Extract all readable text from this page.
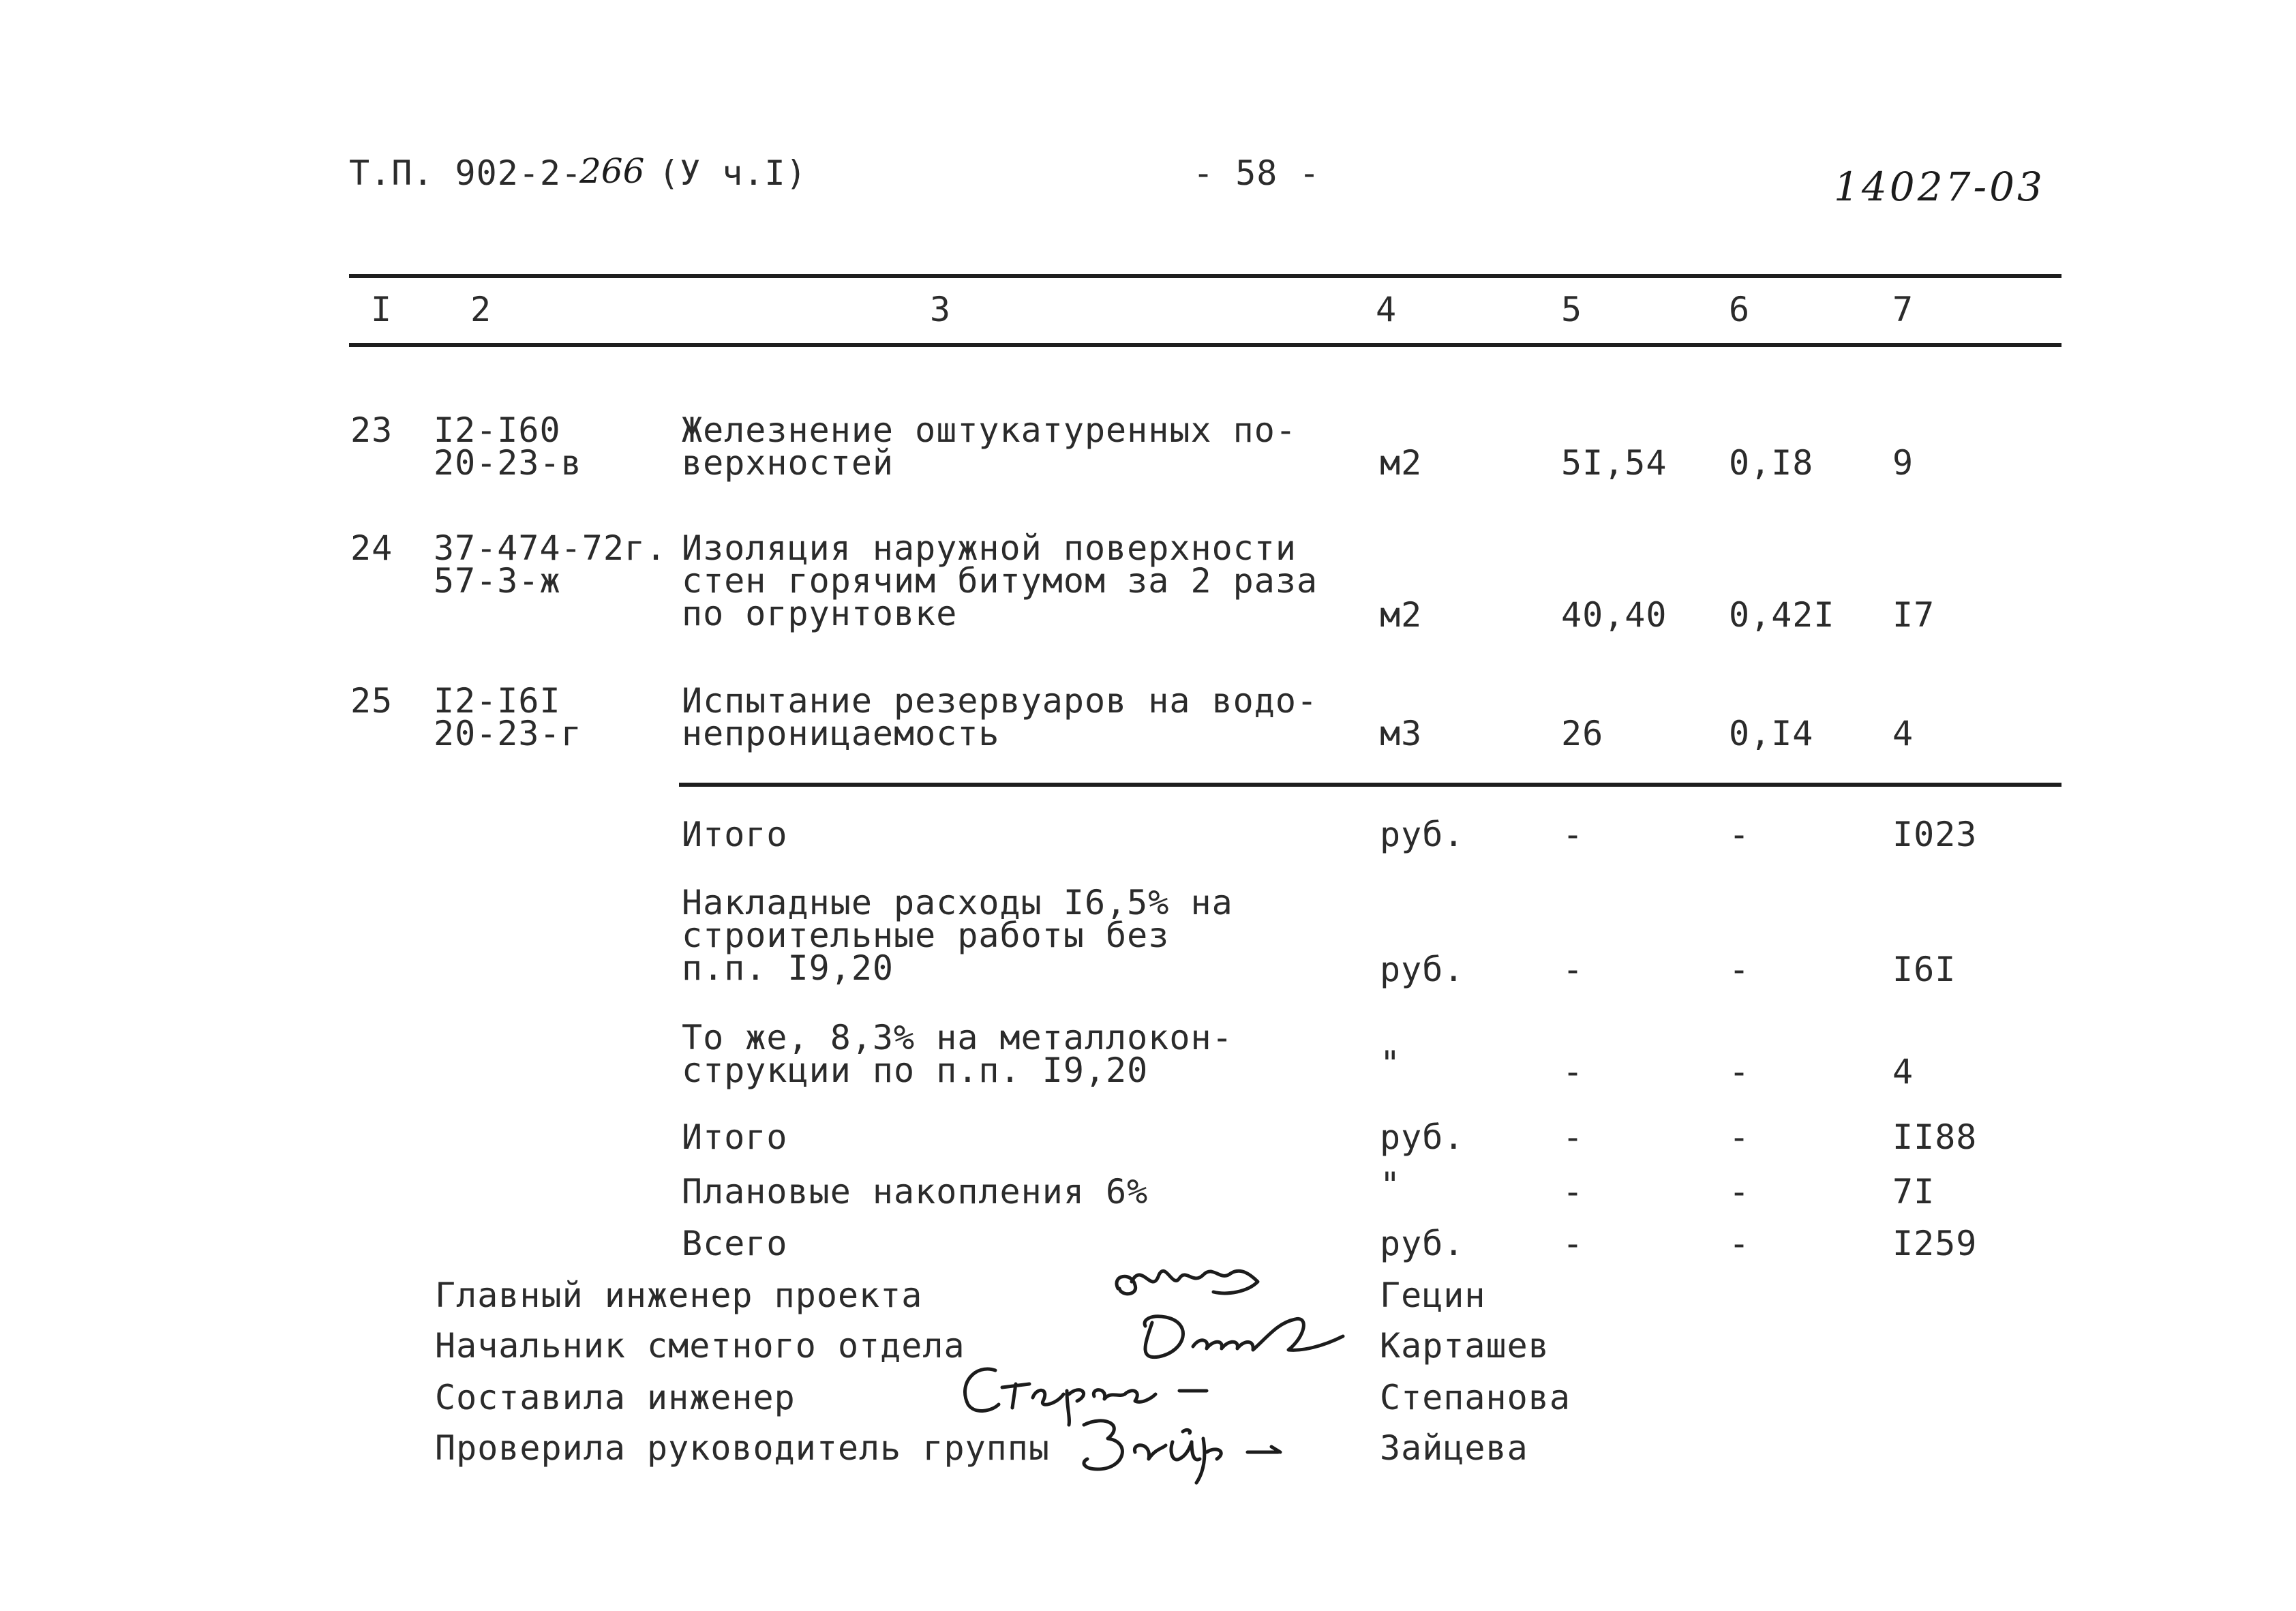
Т.П. 902-2-
266 (У ч.I)	- 58 -	14027-03
I 2	3	4	5	6	7
23 I2-I60
20-23-в
Железнение оштукатуренных по-
верхностей	м2	5I,54 0,I8 9
24 37-474-72г.
57-3-ж
Изоляция наружной поверхности
стен горячим битумом за 2 раза
по огрунтовке	м2	40,40 0,42I I7
25 I2-I6I
20-23-г
Испытание резервуаров на водо-
непроницаемость	м3	26	0,I4 4
Итого	руб.	-	-	I023
Накладные расходы I6,5% на
строительные работы без
п.п. I9,20	руб.	-	-	I6I
То же, 8,3% на металлокон-
струкции по п.п. I9,20	"	-	-	4
Итого	руб.	-	-	II88
Плановые накопления 6%	"	-	-	7I
Всего	руб.	-	-	I259
Главный инженер проекта	Гецин
Начальник сметного отдела	Карташев
Составила инженер	Степанова
Проверила руководитель группы	Зайцева
